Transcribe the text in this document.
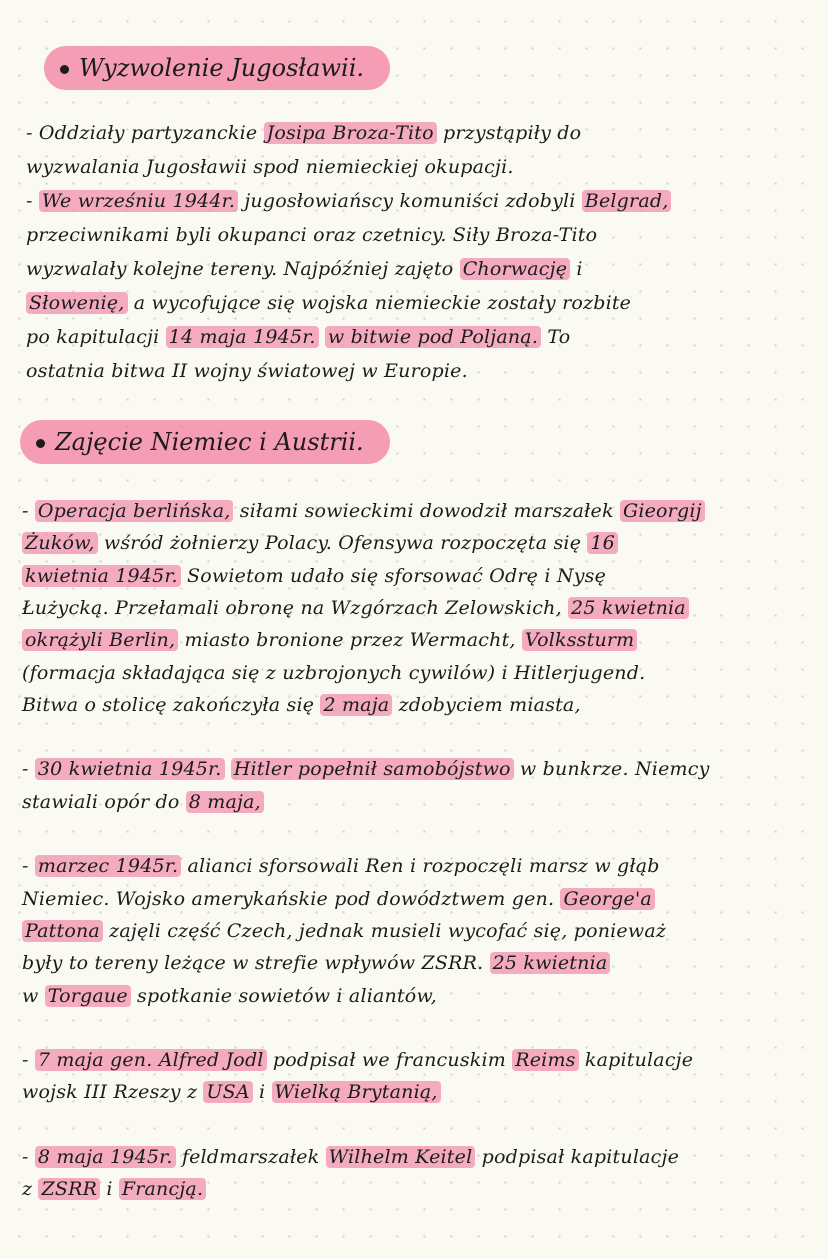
Wyzwolenie Jugosławii.
Zajęcie Niemiec i Austrii.
- Oddziały partyzanckie Josipa Broza-Tito przystąpiły do
wyzwalania Jugosławii spod niemieckiej okupacji.
- We wrześniu 1944r. jugosłowiańscy komuniści zdobyli Belgrad,
przeciwnikami byli okupanci oraz czetnicy. Siły Broza-Tito
wyzwalały kolejne tereny. Najpóźniej zajęto Chorwację i
Słowenię, a wycofujące się wojska niemieckie zostały rozbite
po kapitulacji 14 maja 1945r. w bitwie pod Poljaną. To
ostatnia bitwa II wojny światowej w Europie.
- Operacja berlińska, siłami sowieckimi dowodził marszałek Gieorgij
Żuków, wśród żołnierzy Polacy. Ofensywa rozpoczęta się 16
kwietnia 1945r. Sowietom udało się sforsować Odrę i Nysę
Łużycką. Przełamali obronę na Wzgórzach Zelowskich, 25 kwietnia
okrążyli Berlin, miasto bronione przez Wermacht, Volkssturm
(formacja składająca się z uzbrojonych cywilów) i Hitlerjugend.
Bitwa o stolicę zakończyła się 2 maja zdobyciem miasta,
- 30 kwietnia 1945r. Hitler popełnił samobójstwo w bunkrze. Niemcy
stawiali opór do 8 maja,
- marzec 1945r. alianci sforsowali Ren i rozpoczęli marsz w głąb
Niemiec. Wojsko amerykańskie pod dowództwem gen. George'a
Pattona zajęli część Czech, jednak musieli wycofać się, ponieważ
były to tereny leżące w strefie wpływów ZSRR. 25 kwietnia
w Torgaue spotkanie sowietów i aliantów,
- 7 maja gen. Alfred Jodl podpisał we francuskim Reims kapitulacje
wojsk III Rzeszy z USA i Wielką Brytanią,
- 8 maja 1945r. feldmarszałek Wilhelm Keitel podpisał kapitulacje
z ZSRR i Francją.
